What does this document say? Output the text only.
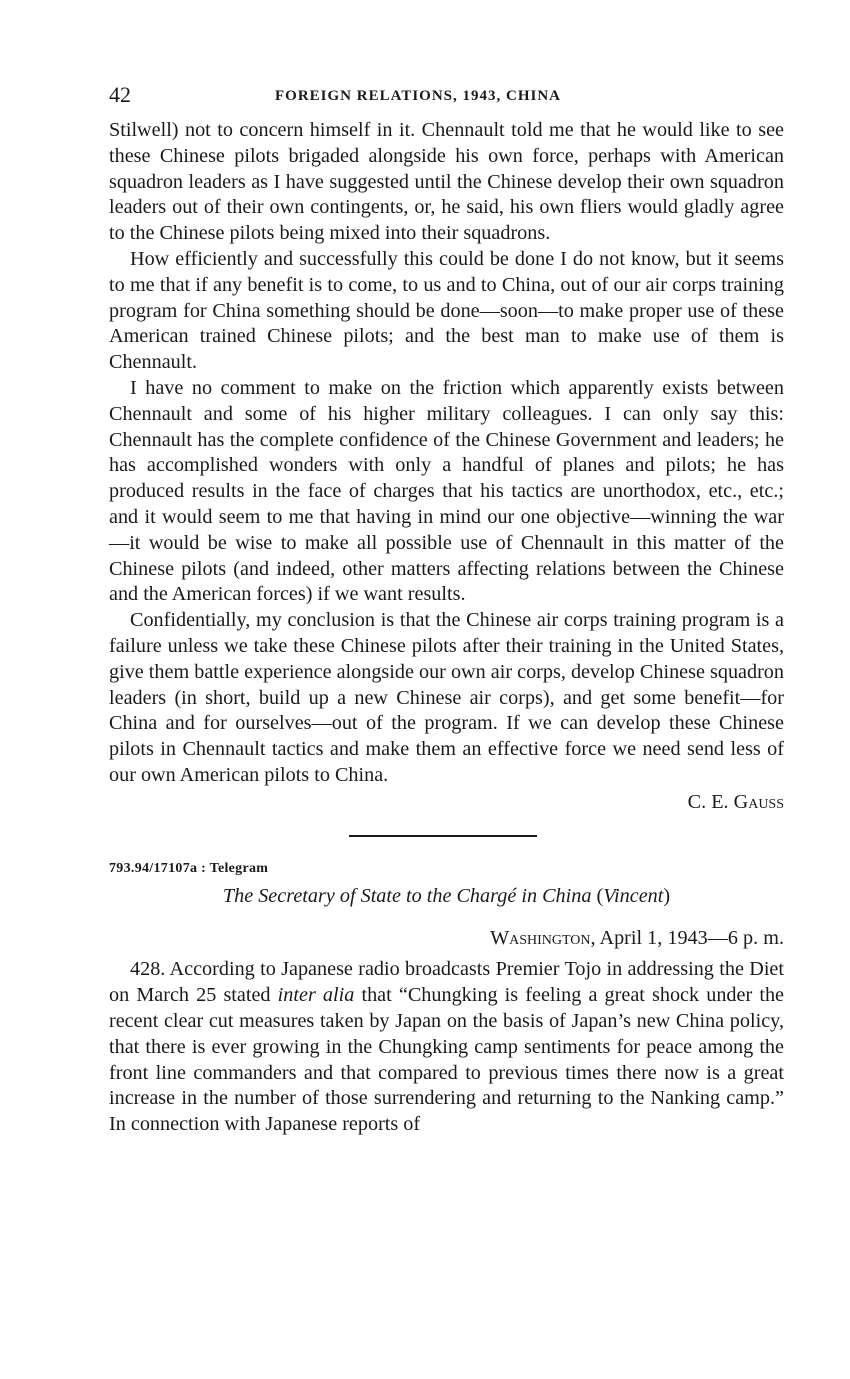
42	FOREIGN RELATIONS, 1943, CHINA

Stilwell) not to concern himself in it. Chennault told me that he would like to see these Chinese pilots brigaded alongside his own force, perhaps with American squadron leaders as I have suggested until the Chinese develop their own squadron leaders out of their own contingents, or, he said, his own fliers would gladly agree to the Chinese pilots being mixed into their squadrons.

How efficiently and successfully this could be done I do not know, but it seems to me that if any benefit is to come, to us and to China, out of our air corps training program for China something should be done—soon—to make proper use of these American trained Chinese pilots; and the best man to make use of them is Chennault.

I have no comment to make on the friction which apparently exists between Chennault and some of his higher military colleagues. I can only say this: Chennault has the complete confidence of the Chinese Government and leaders; he has accomplished wonders with only a handful of planes and pilots; he has produced results in the face of charges that his tactics are unorthodox, etc., etc.; and it would seem to me that having in mind our one objective—winning the war—it would be wise to make all possible use of Chennault in this matter of the Chinese pilots (and indeed, other matters affecting relations between the Chinese and the American forces) if we want results.

Confidentially, my conclusion is that the Chinese air corps training program is a failure unless we take these Chinese pilots after their training in the United States, give them battle experience alongside our own air corps, develop Chinese squadron leaders (in short, build up a new Chinese air corps), and get some benefit—for China and for ourselves—out of the program. If we can develop these Chinese pilots in Chennault tactics and make them an effective force we need send less of our own American pilots to China.

C. E. Gauss
793.94/17107a : Telegram
The Secretary of State to the Chargé in China (Vincent)
Washington, April 1, 1943—6 p. m.

428. According to Japanese radio broadcasts Premier Tojo in addressing the Diet on March 25 stated inter alia that “Chungking is feeling a great shock under the recent clear cut measures taken by Japan on the basis of Japan’s new China policy, that there is ever growing in the Chungking camp sentiments for peace among the front line commanders and that compared to previous times there now is a great increase in the number of those surrendering and returning to the Nanking camp.” In connection with Japanese reports of
